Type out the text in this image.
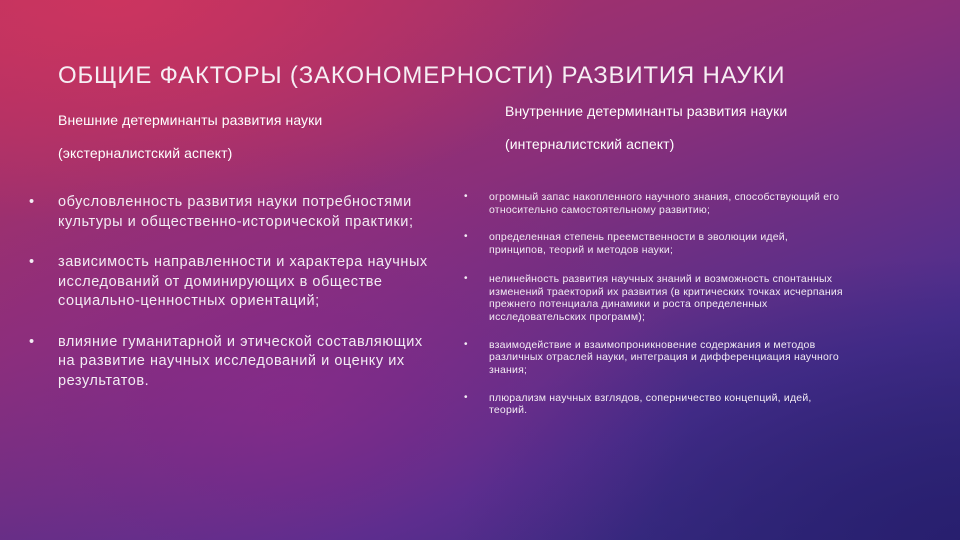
ОБЩИЕ ФАКТОРЫ (ЗАКОНОМЕРНОСТИ) РАЗВИТИЯ НАУКИ
Внешние детерминанты развития науки
(экстерналистский аспект)
Внутренние детерминанты развития науки
(интерналистский аспект)
• обусловленность развития науки потребностями культуры и общественно-исторической практики;
• зависимость направленности и характера научных исследований от доминирующих в обществе социально-ценностных ориентаций;
• влияние гуманитарной и этической составляющих на развитие научных исследований и оценку их результатов.
• огромный запас накопленного научного знания, способствующий его относительно самостоятельному развитию;
• определенная степень преемственности в эволюции идей, принципов, теорий и методов науки;
• нелинейность развития научных знаний и возможность спонтанных изменений траекторий их развития (в критических точках исчерпания прежнего потенциала динамики и роста определенных исследовательских программ);
• взаимодействие и взаимопроникновение содержания и методов различных отраслей науки, интеграция и дифференциация научного знания;
• плюрализм научных взглядов, соперничество концепций, идей, теорий.
